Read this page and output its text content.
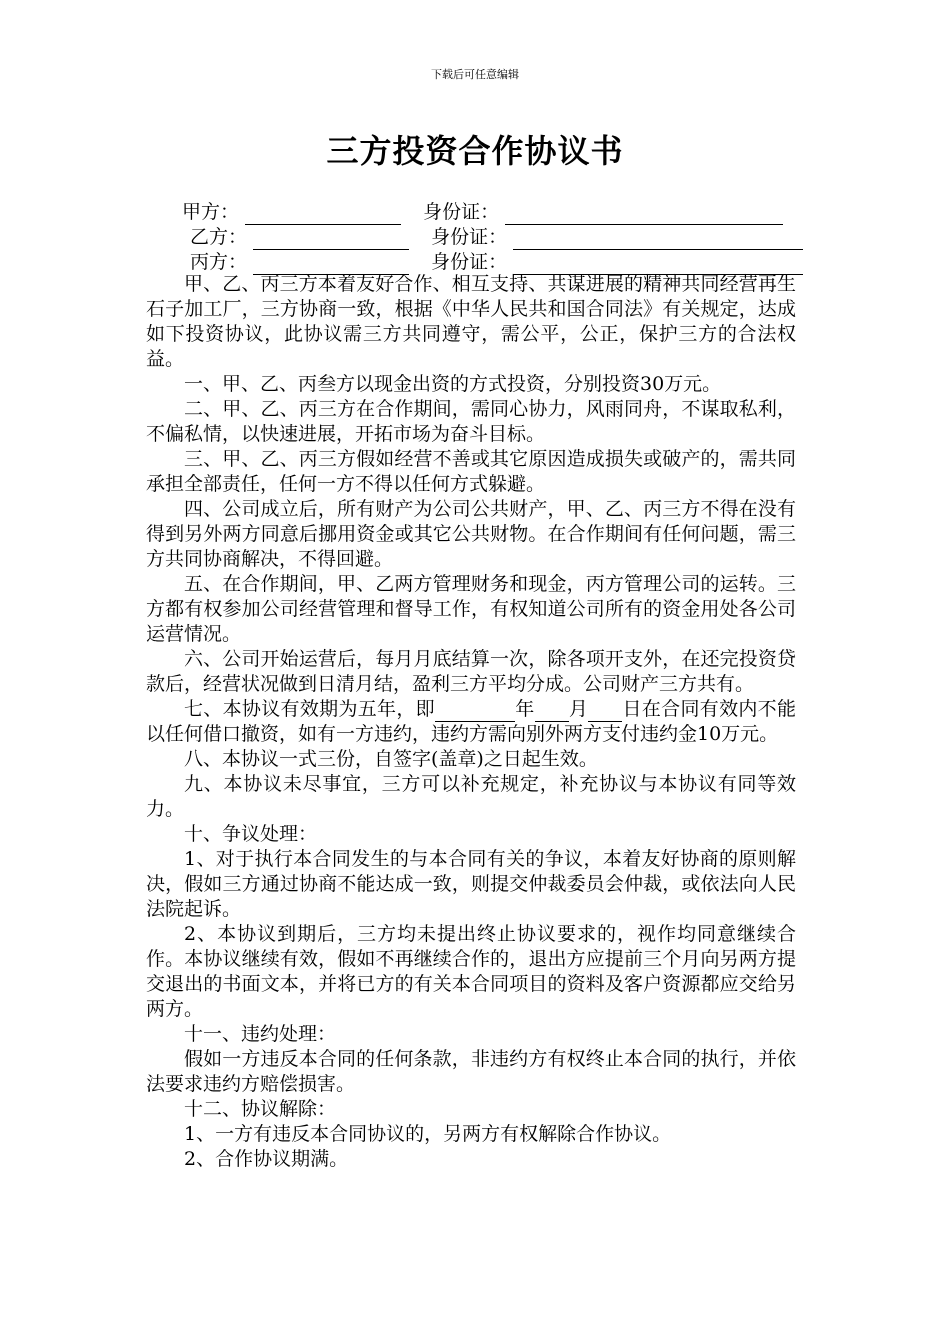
下载后可任意编辑
三方投资合作协议书
甲方：	身份证：
乙方：	身份证：
丙方：	身份证：

甲、乙、丙三方本着友好合作、相互支持、共谋进展的精神共同经营再生石子加工厂，三方协商一致，根据《中华人民共和国合同法》有关规定，达成如下投资协议，此协议需三方共同遵守，需公平，公正，保护三方的合法权益。

一、甲、乙、丙叁方以现金出资的方式投资，分别投资30万元。

二、甲、乙、丙三方在合作期间，需同心协力，风雨同舟，不谋取私利，不偏私情，以快速进展，开拓市场为奋斗目标。

三、甲、乙、丙三方假如经营不善或其它原因造成损失或破产的，需共同承担全部责任，任何一方不得以任何方式躲避。

四、公司成立后，所有财产为公司公共财产，甲、乙、丙三方不得在没有得到另外两方同意后挪用资金或其它公共财物。在合作期间有任何问题，需三方共同协商解决，不得回避。

五、在合作期间，甲、乙两方管理财务和现金，丙方管理公司的运转。三方都有权参加公司经营管理和督导工作，有权知道公司所有的资金用处各公司运营情况。

六、公司开始运营后，每月月底结算一次，除各项开支外，在还完投资贷款后，经营状况做到日清月结，盈利三方平均分成。公司财产三方共有。

七、本协议有效期为五年，即	年 月 日在合同有效内不能以任何借口撤资，如有一方违约，违约方需向别外两方支付违约金10万元。

八、本协议一式三份，自签字(盖章)之日起生效。

九、本协议未尽事宜，三方可以补充规定，补充协议与本协议有同等效力。

十、争议处理：

1、对于执行本合同发生的与本合同有关的争议，本着友好协商的原则解决，假如三方通过协商不能达成一致，则提交仲裁委员会仲裁，或依法向人民法院起诉。

2、本协议到期后，三方均未提出终止协议要求的，视作均同意继续合作。本协议继续有效，假如不再继续合作的，退出方应提前三个月向另两方提交退出的书面文本，并将已方的有关本合同项目的资料及客户资源都应交给另两方。

十一、违约处理：

假如一方违反本合同的任何条款，非违约方有权终止本合同的执行，并依法要求违约方赔偿损害。

十二、协议解除：

1、一方有违反本合同协议的，另两方有权解除合作协议。

2、合作协议期满。
